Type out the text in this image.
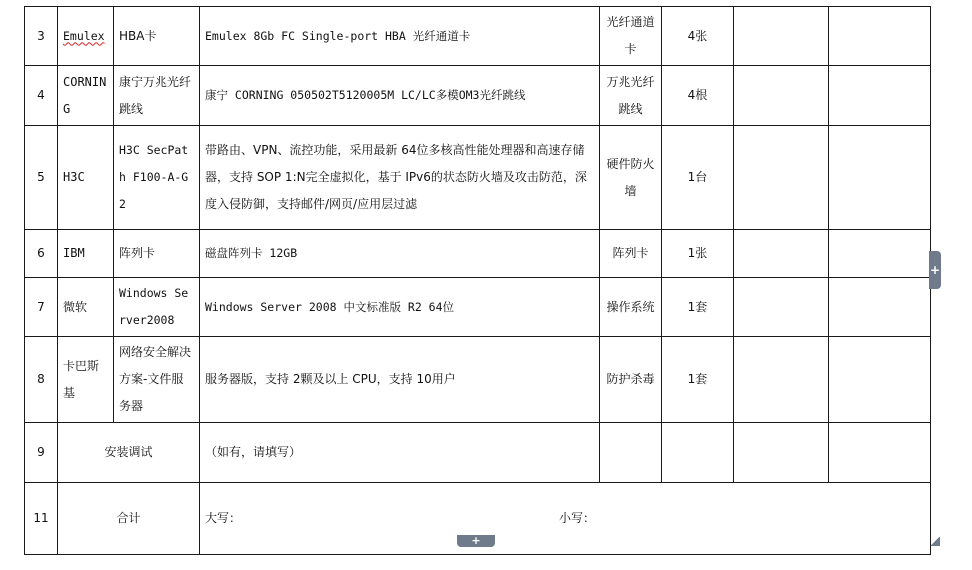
3	Emulex	HBA卡	Emulex 8Gb FC Single-port HBA 光纤通道卡	光纤通道卡	4张		
4	CORNING	康宁万兆光纤跳线	康宁 CORNING 050502T5120005M LC/LC多模OM3光纤跳线	万兆光纤跳线	4根		
5	H3C	H3C SecPath F100-A-G2	带路由、VPN、流控功能，采用最新 64位多核高性能处理器和高速存储器，支持 SOP 1:N完全虚拟化，基于 IPv6的状态防火墙及攻击防范，深度入侵防御，支持邮件/网页/应用层过滤	硬件防火墙	1台		
6	IBM	阵列卡	磁盘阵列卡 12GB	阵列卡	1张		
7	微软	Windows Server2008	Windows Server 2008 中文标准版 R2 64位	操作系统	1套		
8	卡巴斯基	网络安全解决方案-文件服务器	服务器版，支持 2颗及以上 CPU，支持 10用户	防护杀毒	1套		
9	安装调试		（如有，请填写）				
11	合计		大写： 小写：				
+
+
